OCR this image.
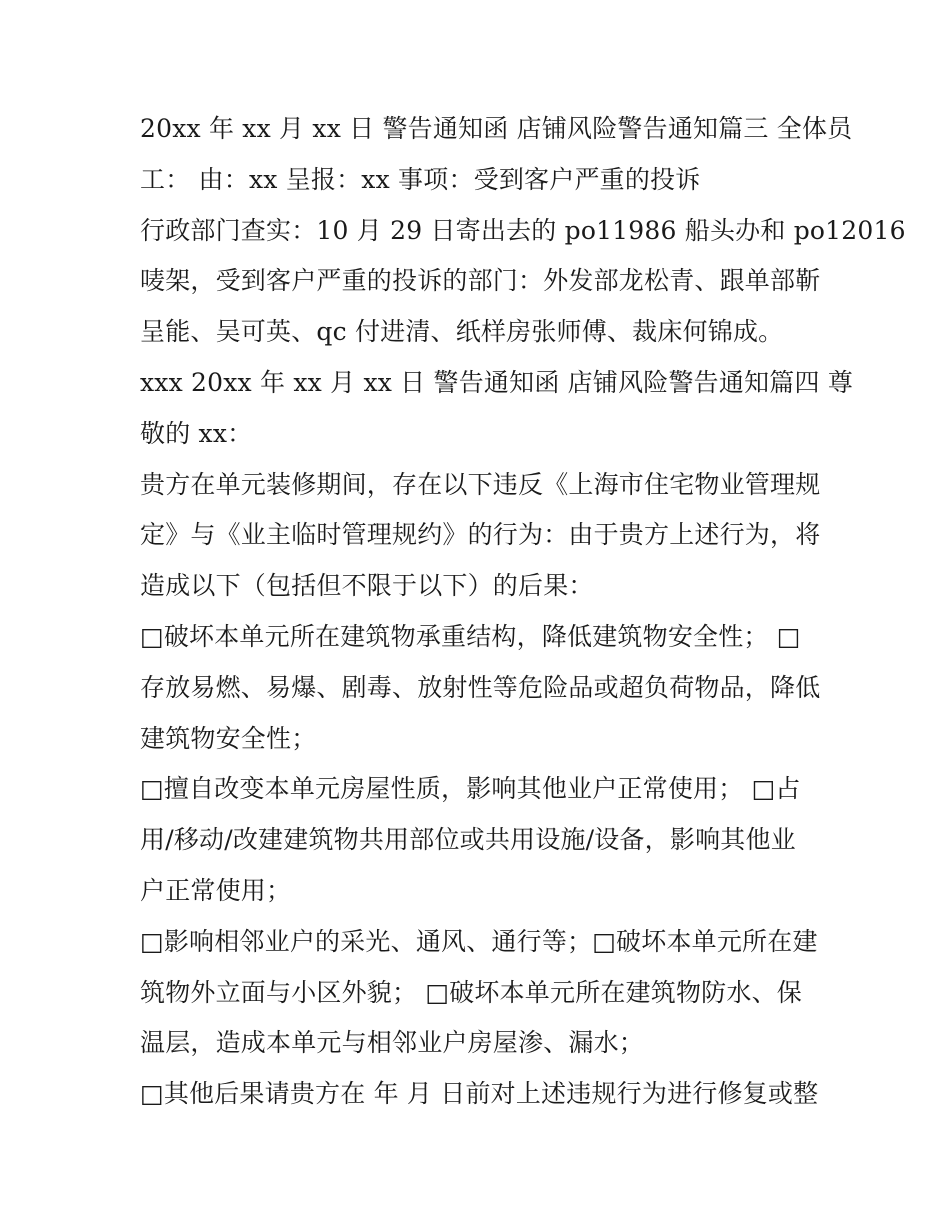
20xx 年 xx 月 xx 日 警告通知函 店铺风险警告通知篇三 全体员
工： 由：xx 呈报：xx 事项：受到客户严重的投诉
行政部门查实：10 月 29 日寄出去的 po11986 船头办和 po12016
唛架，受到客户严重的投诉的部门：外发部龙松青、跟单部靳
呈能、吴可英、qc 付进清、纸样房张师傅、裁床何锦成。
xxx 20xx 年 xx 月 xx 日 警告通知函 店铺风险警告通知篇四 尊
敬的 xx：
贵方在单元装修期间，存在以下违反《上海市住宅物业管理规
定》与《业主临时管理规约》的行为：由于贵方上述行为，将
造成以下（包括但不限于以下）的后果：
□破坏本单元所在建筑物承重结构，降低建筑物安全性； □
存放易燃、易爆、剧毒、放射性等危险品或超负荷物品，降低
建筑物安全性；
□擅自改变本单元房屋性质，影响其他业户正常使用； □占
用/移动/改建建筑物共用部位或共用设施/设备，影响其他业
户正常使用；
□影响相邻业户的采光、通风、通行等；□破坏本单元所在建
筑物外立面与小区外貌； □破坏本单元所在建筑物防水、保
温层，造成本单元与相邻业户房屋渗、漏水；
□其他后果请贵方在 年 月 日前对上述违规行为进行修复或整
